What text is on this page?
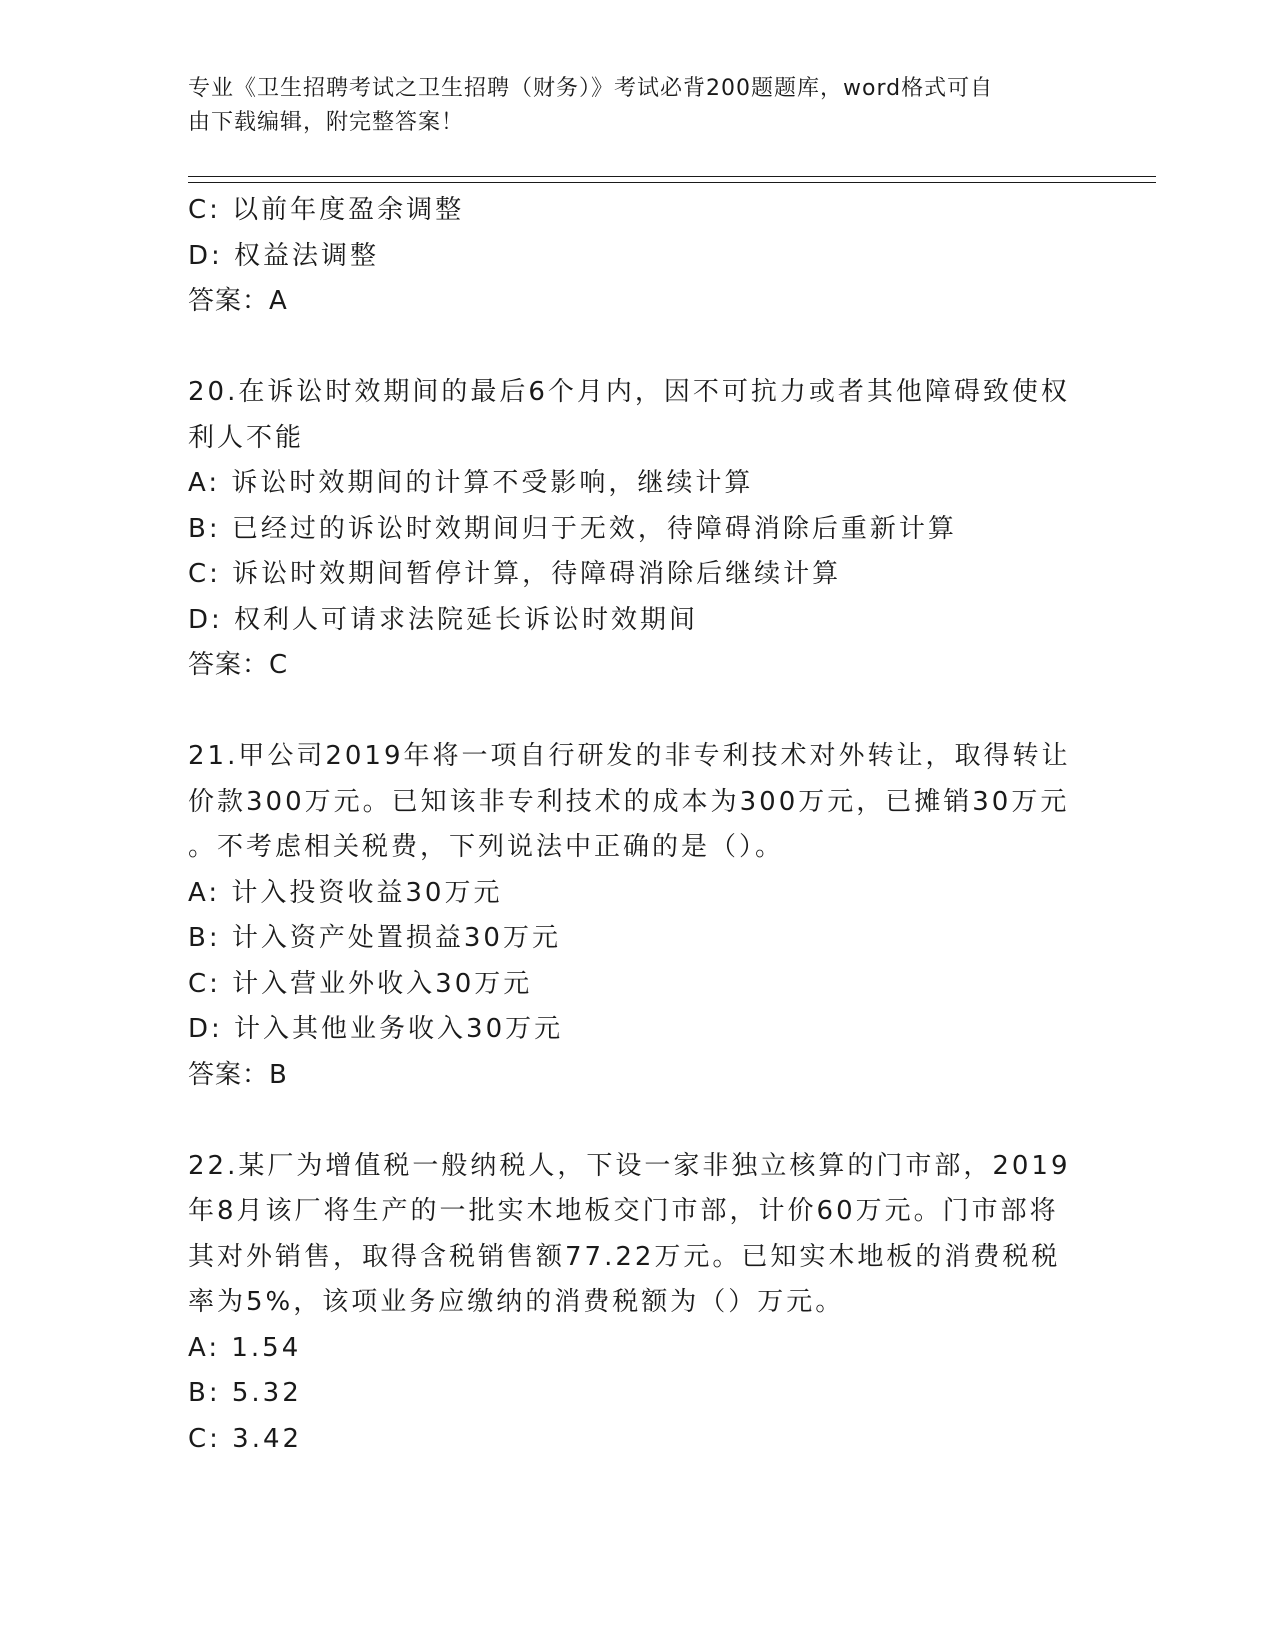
专业《卫生招聘考试之卫生招聘（财务）》考试必背200题题库，word格式可自
由下载编辑，附完整答案！
C: 以前年度盈余调整
D: 权益法调整
答案：A
20.在诉讼时效期间的最后6个月内，因不可抗力或者其他障碍致使权
利人不能
A: 诉讼时效期间的计算不受影响，继续计算
B: 已经过的诉讼时效期间归于无效，待障碍消除后重新计算
C: 诉讼时效期间暂停计算，待障碍消除后继续计算
D: 权利人可请求法院延长诉讼时效期间
答案：C
21.甲公司2019年将一项自行研发的非专利技术对外转让，取得转让
价款300万元。已知该非专利技术的成本为300万元，已摊销30万元
。不考虑相关税费，下列说法中正确的是（）。
A: 计入投资收益30万元
B: 计入资产处置损益30万元
C: 计入营业外收入30万元
D: 计入其他业务收入30万元
答案：B
22.某厂为增值税一般纳税人，下设一家非独立核算的门市部，2019
年8月该厂将生产的一批实木地板交门市部，计价60万元。门市部将
其对外销售，取得含税销售额77.22万元。已知实木地板的消费税税
率为5%，该项业务应缴纳的消费税额为（）万元。
A: 1.54
B: 5.32
C: 3.42
